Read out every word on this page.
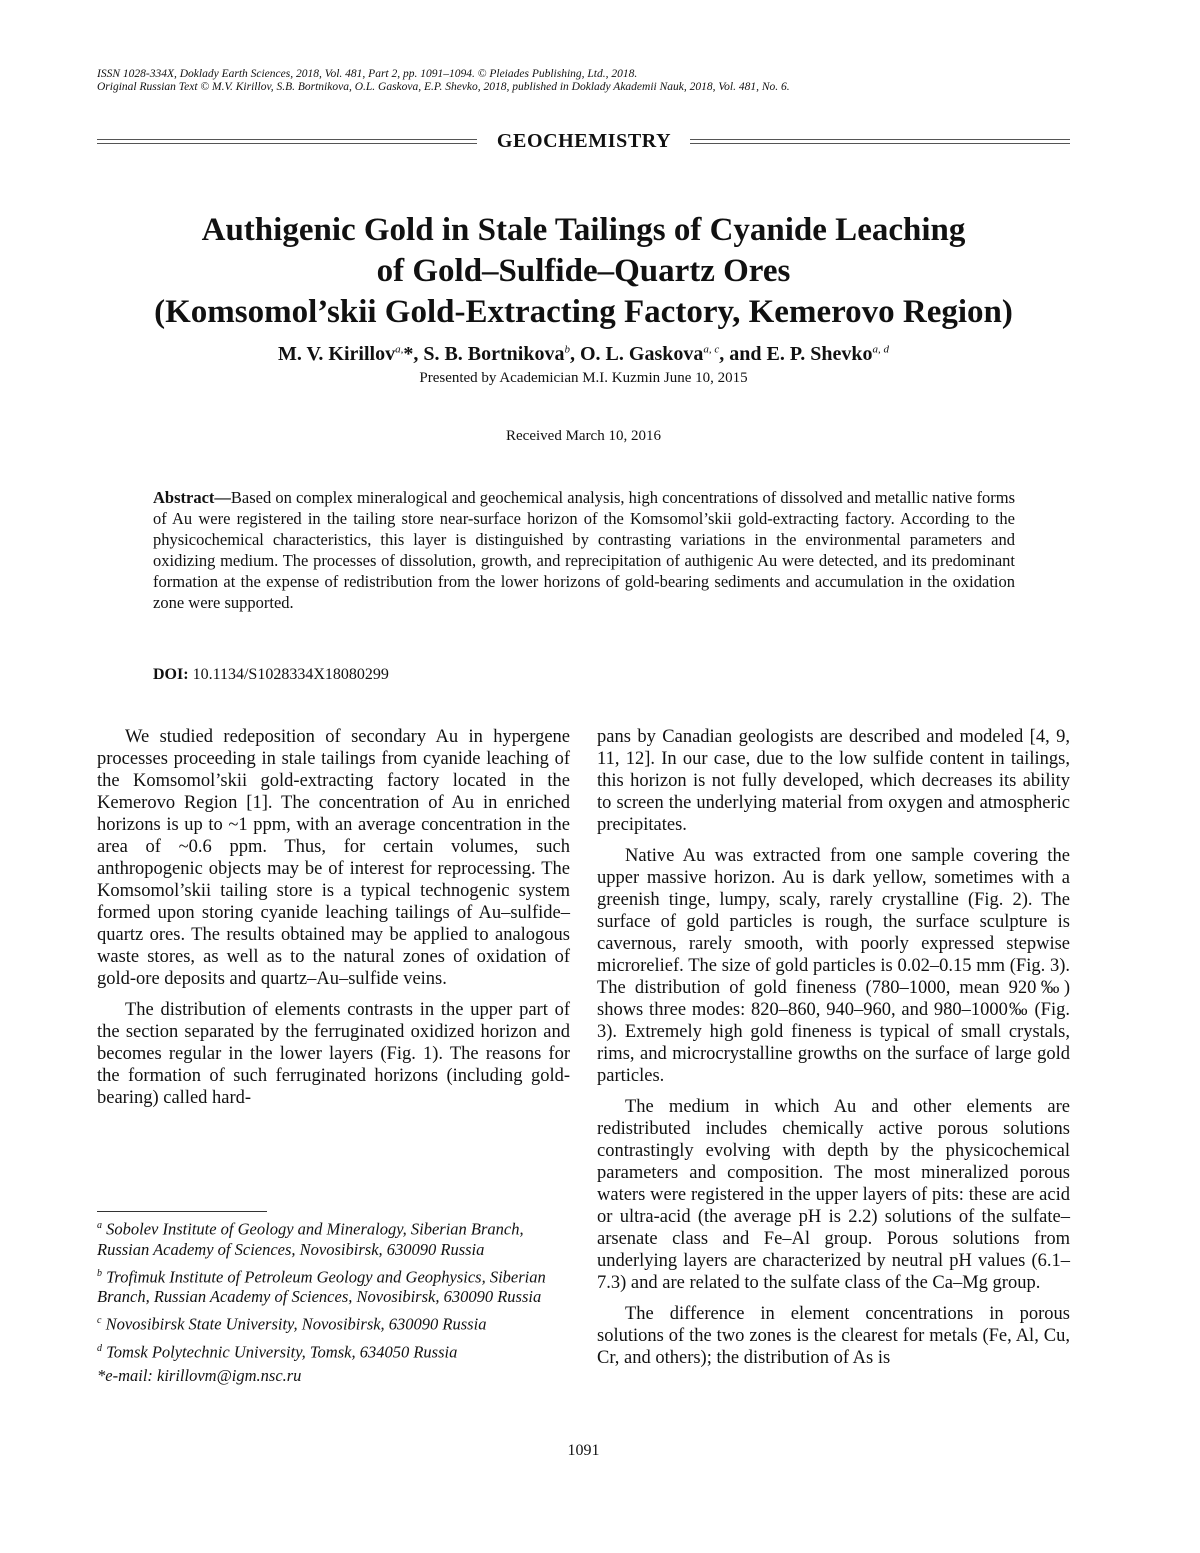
ISSN 1028-334X, Doklady Earth Sciences, 2018, Vol. 481, Part 2, pp. 1091–1094. © Pleiades Publishing, Ltd., 2018.
Original Russian Text © M.V. Kirillov, S.B. Bortnikova, O.L. Gaskova, E.P. Shevko, 2018, published in Doklady Akademii Nauk, 2018, Vol. 481, No. 6.
GEOCHEMISTRY
Authigenic Gold in Stale Tailings of Cyanide Leaching
of Gold–Sulfide–Quartz Ores
(Komsomol’skii Gold-Extracting Factory, Kemerovo Region)
M. V. Kirillov$^{a,}$*, S. B. Bortnikova$^b$, O. L. Gaskova$^{a, c}$, and E. P. Shevko$^{a, d}$
Presented by Academician M.I. Kuzmin June 10, 2015
Received March 10, 2016

Abstract—Based on complex mineralogical and geochemical analysis, high concentrations of dissolved and metallic native forms of Au were registered in the tailing store near-surface horizon of the Komsomol’skii gold-extracting factory. According to the physicochemical characteristics, this layer is distinguished by contrasting variations in the environmental parameters and oxidizing medium. The processes of dissolution, growth, and reprecipitation of authigenic Au were detected, and its predominant formation at the expense of redistribution from the lower horizons of gold-bearing sediments and accumulation in the oxidation zone were supported.

DOI: 10.1134/S1028334X18080299

We studied redeposition of secondary Au in hypergene processes proceeding in stale tailings from cyanide leaching of the Komsomol’skii gold-extracting factory located in the Kemerovo Region [1]. The concentration of Au in enriched horizons is up to ~1 ppm, with an average concentration in the area of ~0.6 ppm. Thus, for certain volumes, such anthropogenic objects may be of interest for reprocessing. The Komsomol’skii tailing store is a typical technogenic system formed upon storing cyanide leaching tailings of Au–sulfide–quartz ores. The results obtained may be applied to analogous waste stores, as well as to the natural zones of oxidation of gold-ore deposits and quartz–Au–sulfide veins.

The distribution of elements contrasts in the upper part of the section separated by the ferruginated oxidized horizon and becomes regular in the lower layers (Fig. 1). The reasons for the formation of such ferruginated horizons (including gold-bearing) called hard-

pans by Canadian geologists are described and modeled [4, 9, 11, 12]. In our case, due to the low sulfide content in tailings, this horizon is not fully developed, which decreases its ability to screen the underlying material from oxygen and atmospheric precipitates.

Native Au was extracted from one sample covering the upper massive horizon. Au is dark yellow, sometimes with a greenish tinge, lumpy, scaly, rarely crystalline (Fig. 2). The surface of gold particles is rough, the surface sculpture is cavernous, rarely smooth, with poorly expressed stepwise microrelief. The size of gold particles is 0.02–0.15 mm (Fig. 3). The distribution of gold fineness (780–1000, mean 920‰) shows three modes: 820–860, 940–960, and 980–1000‰ (Fig. 3). Extremely high gold fineness is typical of small crystals, rims, and microcrystalline growths on the surface of large gold particles.

The medium in which Au and other elements are redistributed includes chemically active porous solutions contrastingly evolving with depth by the physicochemical parameters and composition. The most mineralized porous waters were registered in the upper layers of pits: these are acid or ultra-acid (the average pH is 2.2) solutions of the sulfate–arsenate class and Fe–Al group. Porous solutions from underlying layers are characterized by neutral pH values (6.1–7.3) and are related to the sulfate class of the Ca–Mg group.

The difference in element concentrations in porous solutions of the two zones is the clearest for metals (Fe, Al, Cu, Cr, and others); the distribution of As is

$^a$ Sobolev Institute of Geology and Mineralogy, Siberian Branch, Russian Academy of Sciences, Novosibirsk, 630090 Russia
$^b$ Trofimuk Institute of Petroleum Geology and Geophysics, Siberian Branch, Russian Academy of Sciences, Novosibirsk, 630090 Russia
$^c$ Novosibirsk State University, Novosibirsk, 630090 Russia
$^d$ Tomsk Polytechnic University, Tomsk, 634050 Russia
*e-mail: kirillovm@igm.nsc.ru
1091
